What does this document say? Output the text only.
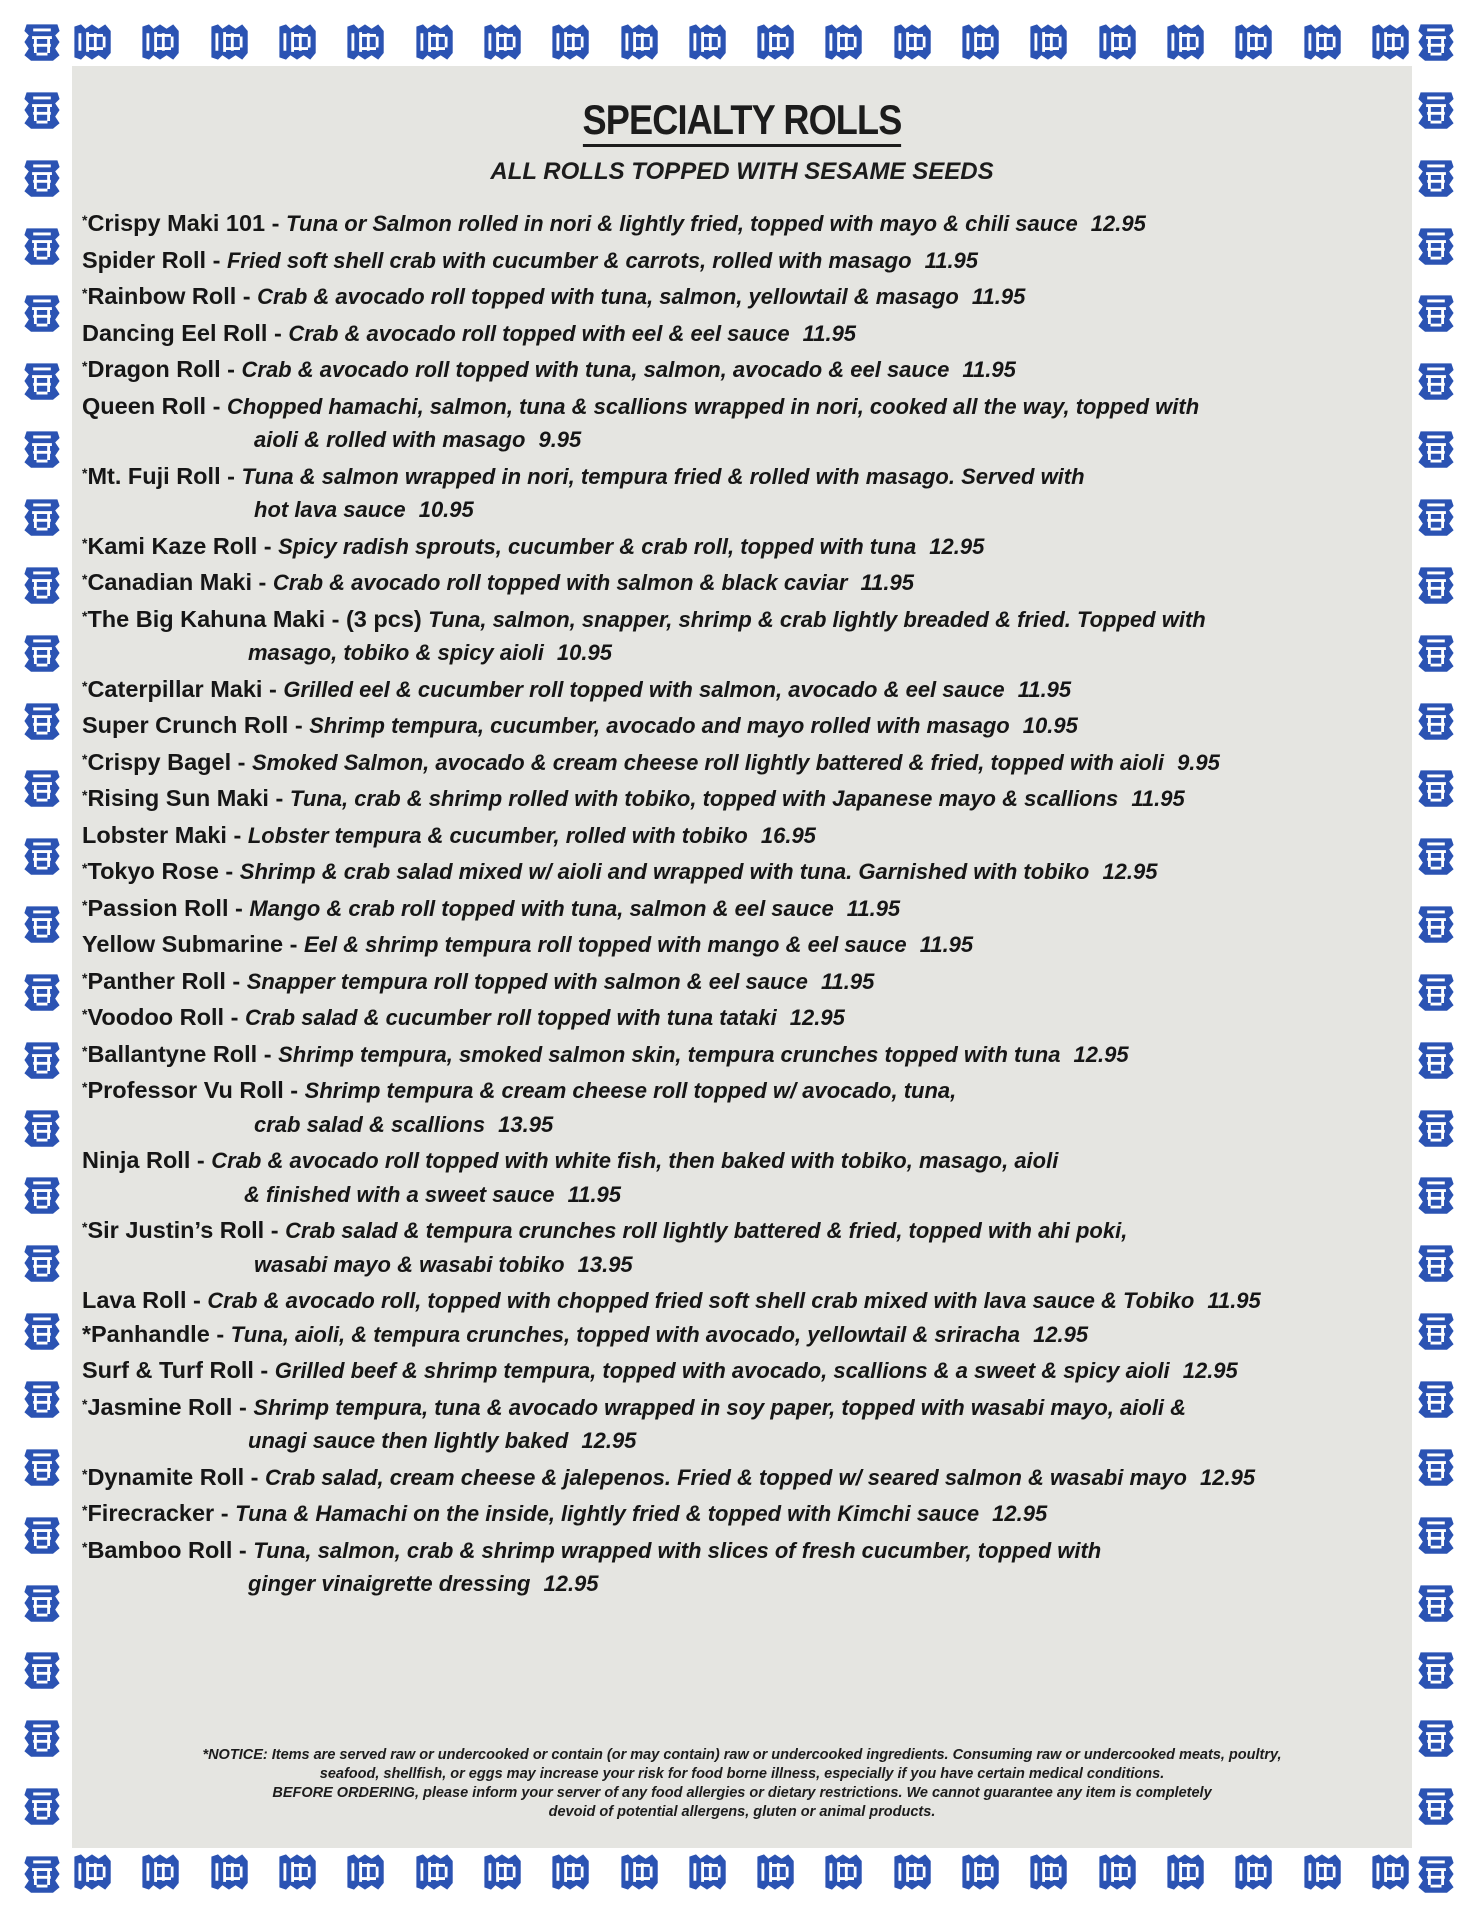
SPECIALTY ROLLS
ALL ROLLS TOPPED WITH SESAME SEEDS
*Crispy Maki 101 - Tuna or Salmon rolled in nori & lightly fried, topped with mayo & chili sauce 12.95
Spider Roll - Fried soft shell crab with cucumber & carrots, rolled with masago 11.95
*Rainbow Roll - Crab & avocado roll topped with tuna, salmon, yellowtail & masago 11.95
Dancing Eel Roll - Crab & avocado roll topped with eel & eel sauce 11.95
*Dragon Roll - Crab & avocado roll topped with tuna, salmon, avocado & eel sauce 11.95
Queen Roll - Chopped hamachi, salmon, tuna & scallions wrapped in nori, cooked all the way, topped with
aioli & rolled with masago 9.95
*Mt. Fuji Roll - Tuna & salmon wrapped in nori, tempura fried & rolled with masago. Served with
hot lava sauce 10.95
*Kami Kaze Roll - Spicy radish sprouts, cucumber & crab roll, topped with tuna 12.95
*Canadian Maki - Crab & avocado roll topped with salmon & black caviar 11.95
*The Big Kahuna Maki - (3 pcs) Tuna, salmon, snapper, shrimp & crab lightly breaded & fried. Topped with
masago, tobiko & spicy aioli 10.95
*Caterpillar Maki - Grilled eel & cucumber roll topped with salmon, avocado & eel sauce 11.95
Super Crunch Roll - Shrimp tempura, cucumber, avocado and mayo rolled with masago 10.95
*Crispy Bagel - Smoked Salmon, avocado & cream cheese roll lightly battered & fried, topped with aioli 9.95
*Rising Sun Maki - Tuna, crab & shrimp rolled with tobiko, topped with Japanese mayo & scallions 11.95
Lobster Maki - Lobster tempura & cucumber, rolled with tobiko 16.95
*Tokyo Rose - Shrimp & crab salad mixed w/ aioli and wrapped with tuna. Garnished with tobiko 12.95
*Passion Roll - Mango & crab roll topped with tuna, salmon & eel sauce 11.95
Yellow Submarine - Eel & shrimp tempura roll topped with mango & eel sauce 11.95
*Panther Roll - Snapper tempura roll topped with salmon & eel sauce 11.95
*Voodoo Roll - Crab salad & cucumber roll topped with tuna tataki 12.95
*Ballantyne Roll - Shrimp tempura, smoked salmon skin, tempura crunches topped with tuna 12.95
*Professor Vu Roll - Shrimp tempura & cream cheese roll topped w/ avocado, tuna,
crab salad & scallions 13.95
Ninja Roll - Crab & avocado roll topped with white fish, then baked with tobiko, masago, aioli
& finished with a sweet sauce 11.95
*Sir Justin’s Roll - Crab salad & tempura crunches roll lightly battered & fried, topped with ahi poki,
wasabi mayo & wasabi tobiko 13.95
Lava Roll - Crab & avocado roll, topped with chopped fried soft shell crab mixed with lava sauce & Tobiko 11.95
*Panhandle - Tuna, aioli, & tempura crunches, topped with avocado, yellowtail & sriracha 12.95
Surf & Turf Roll - Grilled beef & shrimp tempura, topped with avocado, scallions & a sweet & spicy aioli 12.95
*Jasmine Roll - Shrimp tempura, tuna & avocado wrapped in soy paper, topped with wasabi mayo, aioli &
unagi sauce then lightly baked 12.95
*Dynamite Roll - Crab salad, cream cheese & jalepenos. Fried & topped w/ seared salmon & wasabi mayo 12.95
*Firecracker - Tuna & Hamachi on the inside, lightly fried & topped with Kimchi sauce 12.95
*Bamboo Roll - Tuna, salmon, crab & shrimp wrapped with slices of fresh cucumber, topped with
ginger vinaigrette dressing 12.95
*NOTICE: Items are served raw or undercooked or contain (or may contain) raw or undercooked ingredients. Consuming raw or undercooked meats, poultry,
seafood, shellfish, or eggs may increase your risk for food borne illness, especially if you have certain medical conditions.
BEFORE ORDERING, please inform your server of any food allergies or dietary restrictions. We cannot guarantee any item is completely
devoid of potential allergens, gluten or animal products.
